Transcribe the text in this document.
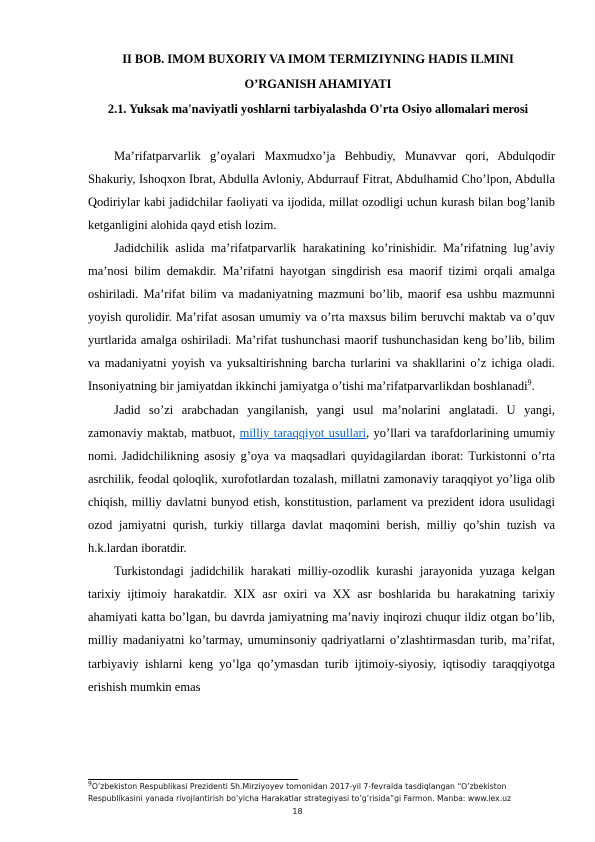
II BOB. IMOM BUXORIY VA IMOM TERMIZIYNING HADIS ILMINI O’RGANISH AHAMIYATI
2.1. Yuksak ma'naviyatli yoshlarni tarbiyalashda O'rta Osiyo allomalari merosi

Ma’rifatparvarlik g’oyalari Maxmudxo’ja Behbudiy, Munavvar qori, Abdulqodir Shakuriy, Ishoqxon Ibrat, Abdulla Avloniy, Abdurrauf Fitrat, Abdulhamid Cho’lpon, Abdulla Qodiriylar kabi jadidchilar faoliyati va ijodida, millat ozodligi uchun kurash bilan bog’lanib ketganligini alohida qayd etish lozim.

Jadidchilik aslida ma’rifatparvarlik harakatining ko’rinishidir. Ma’rifatning lug’aviy ma’nosi bilim demakdir. Ma’rifatni hayotgan singdirish esa maorif tizimi orqali amalga oshiriladi. Ma’rifat bilim va madaniyatning mazmuni bo’lib, maorif esa ushbu mazmunni yoyish qurolidir. Ma’rifat asosan umumiy va o’rta maxsus bilim beruvchi maktab va o’quv yurtlarida amalga oshiriladi. Ma’rifat tushunchasi maorif tushunchasidan keng bo’lib, bilim va madaniyatni yoyish va yuksaltirishning barcha turlarini va shakllarini o’z ichiga oladi. Insoniyatning bir jamiyatdan ikkinchi jamiyatga o’tishi ma’rifatparvarlikdan boshlanadi$^9$.

Jadid so’zi arabchadan yangilanish, yangi usul ma’nolarini anglatadi. U yangi, zamonaviy maktab, matbuot, milliy taraqqiyot usullari, yo’llari va tarafdorlarining umumiy nomi. Jadidchilikning asosiy g’oya va maqsadlari quyidagilardan iborat: Turkistonni o’rta asrchilik, feodal qoloqlik, xurofotlardan tozalash, millatni zamonaviy taraqqiyot yo’liga olib chiqish, milliy davlatni bunyod etish, konstitustion, parlament va prezident idora usulidagi ozod jamiyatni qurish, turkiy tillarga davlat maqomini berish, milliy qo’shin tuzish va h.k.lardan iboratdir.

Turkistondagi jadidchilik harakati milliy-ozodlik kurashi jarayonida yuzaga kelgan tarixiy ijtimoiy harakatdir. XIX asr oxiri va XX asr boshlarida bu harakatning tarixiy ahamiyati katta bo’lgan, bu davrda jamiyatning ma’naviy inqirozi chuqur ildiz otgan bo’lib, milliy madaniyatni ko’tarmay, umuminsoniy qadriyatlarni o’zlashtirmasdan turib, ma’rifat, tarbiyaviy ishlarni keng yo’lga qo’ymasdan turib ijtimoiy-siyosiy, iqtisodiy taraqqiyotga erishish mumkin emas

$^9$O’zbekiston Respublikasi Prezidenti Sh.Mirziyoyev tomonidan 2017-yil 7-fevralda tasdiqlangan “O’zbekiston Respublikasini yanada rivojlantirish bo’yicha Harakatlar strategiyasi to’g’risida”gi Farmon. Manba: www.lex.uz
18
